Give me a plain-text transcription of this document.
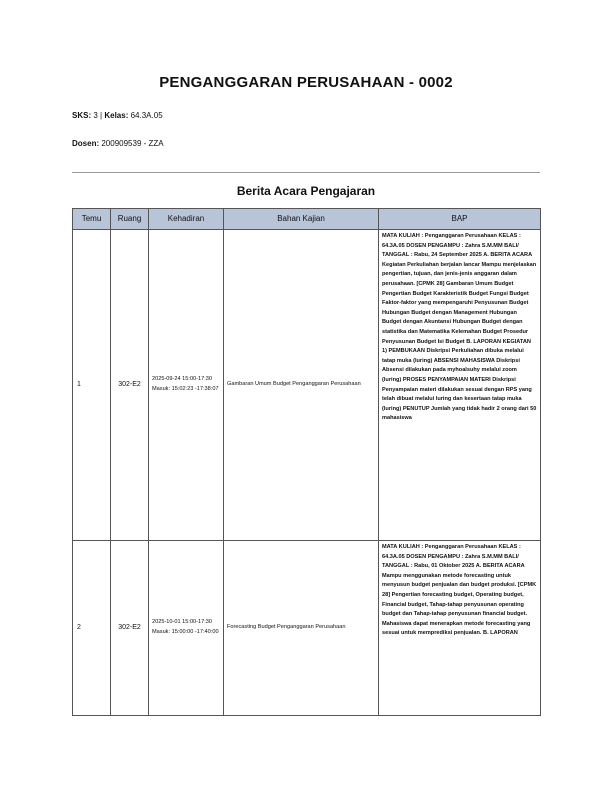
PENGANGGARAN PERUSAHAAN - 0002
SKS: 3 | Kelas: 64.3A.05
Dosen: 200909539 - ZZA
Berita Acara Pengajaran
Temu	Ruang	Kehadiran	Bahan Kajian	BAP
1	302-E2	2025-09-24 15:00-17:30 Masuk: 15:02:23 -17:38:07	Gambaran Umum Budget Penganggaran Perusahaan	MATA KULIAH : Penganggaran Perusahaan KELAS : 64.3A.05 DOSEN PENGAMPU : Zahra S.M.MM BALI/ TANGGAL : Rabu, 24 September 2025 A. BERITA ACARA Kegiatan Perkuliahan berjalan lancar Mampu menjelaskan pengertian, tujuan, dan jenis-jenis anggaran dalam perusahaan. [CPMK 28] Gambaran Umum Budget Pengertian Budget Karakteristik Budget Fungsi Budget Faktor-faktor yang mempengaruhi Penyusunan Budget Hubungan Budget dengan Management Hubungan Budget dengan Akuntansi Hubungan Budget dengan statistika dan Matematika Kelemahan Budget Prosedur Penyusunan Budget Isi Budget B. LAPORAN KEGIATAN 1) PEMBUKAAN Diskripsi Perkuliahan dibuka melalui tatap muka (luring) ABSENSI MAHASISWA Diskripsi Absensi dilakukan pada myhoalsuhy melalui zoom (luring) PROSES PENYAMPAIAN MATERI Diskripsi Penyampaian materi dilakukan sesuai dengan RPS yang telah dibuat melalui luring dan kesertaan tatap muka (luring) PENUTUP Jumlah yang tidak hadir 2 orang dari 50 mahasiswa
2	302-E2	2025-10-01 15:00-17:30 Masuk: 15:00:00 -17:40:00	Forecasting Budget Penganggaran Perusahaan	MATA KULIAH : Penganggaran Perusahaan KELAS : 64.3A.05 DOSEN PENGAMPU : Zahra S.M.MM BALI/ TANGGAL : Rabu, 01 Oktober 2025 A. BERITA ACARA Mampu menggunakan metode forecasting untuk menyusun budget penjualan dan budget produksi. [CPMK 28] Pengertian forecasting budget, Operating budget, Financial budget, Tahap-tahap penyusunan operating budget dan Tahap-tahap penyusunan financial budget. Mahasiswa dapat menerapkan metode forecasting yang sesuai untuk memprediksi penjualan. B. LAPORAN
